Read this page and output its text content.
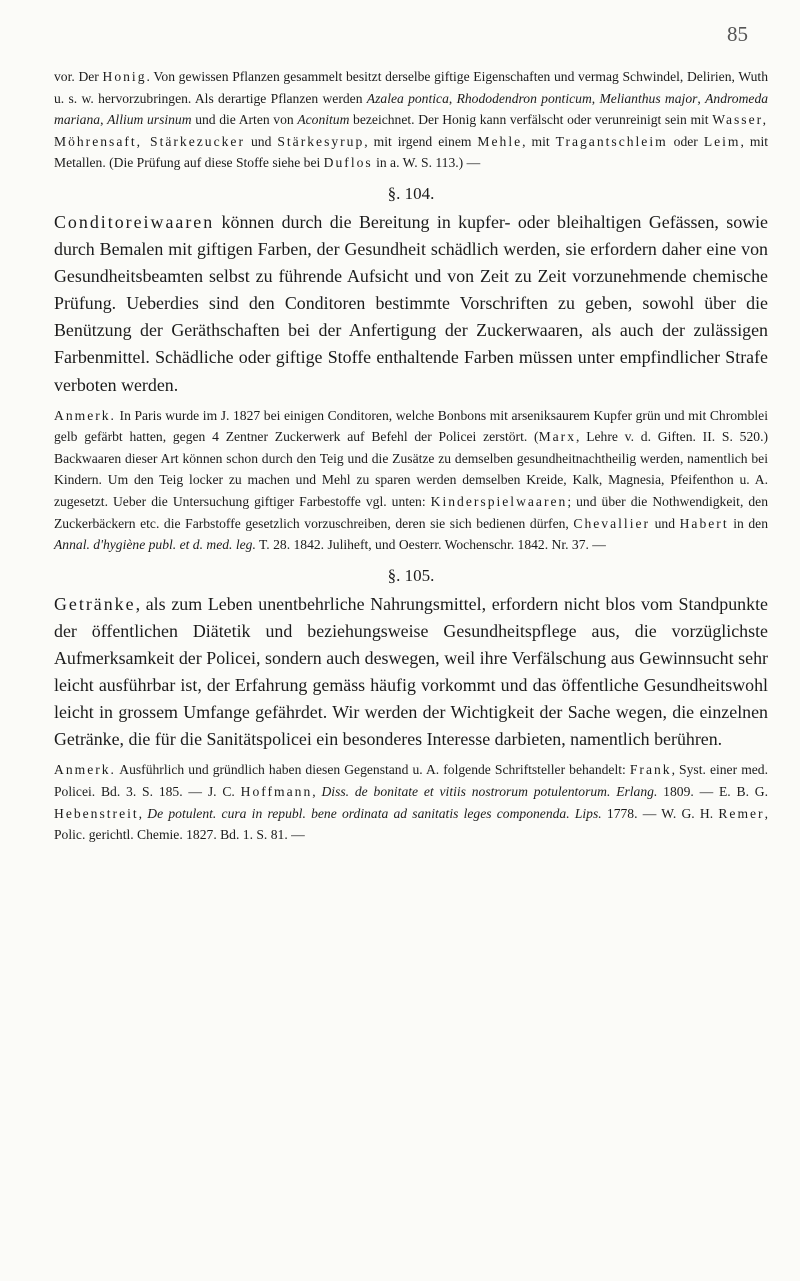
85

vor. Der Honig. Von gewissen Pflanzen gesammelt besitzt derselbe giftige Eigenschaften und vermag Schwindel, Delirien, Wuth u. s. w. hervorzubringen. Als derartige Pflanzen werden Azalea pontica, Rhododendron ponticum, Melianthus major, Andromeda mariana, Allium ursinum und die Arten von Aconitum bezeichnet. Der Honig kann verfälscht oder verunreinigt sein mit Wasser, Möhrensaft, Stärkezucker und Stärkesyrup, mit irgend einem Mehle, mit Tragantschleim oder Leim, mit Metallen. (Die Prüfung auf diese Stoffe siehe bei Duflos in a. W. S. 113.) —

§. 104.

Conditoreiwaaren können durch die Bereitung in kupfer- oder bleihaltigen Gefässen, sowie durch Bemalen mit giftigen Farben, der Gesundheit schädlich werden, sie erfordern daher eine von Gesundheitsbeamten selbst zu führende Aufsicht und von Zeit zu Zeit vorzunehmende chemische Prüfung. Ueberdies sind den Conditoren bestimmte Vorschriften zu geben, sowohl über die Benützung der Geräthschaften bei der Anfertigung der Zuckerwaaren, als auch der zulässigen Farbenmittel. Schädliche oder giftige Stoffe enthaltende Farben müssen unter empfindlicher Strafe verboten werden.

Anmerk. In Paris wurde im J. 1827 bei einigen Conditoren, welche Bonbons mit arseniksaurem Kupfer grün und mit Chromblei gelb gefärbt hatten, gegen 4 Zentner Zuckerwerk auf Befehl der Policei zerstört. (Marx, Lehre v. d. Giften. II. S. 520.) Backwaaren dieser Art können schon durch den Teig und die Zusätze zu demselben gesundheitnachtheilig werden, namentlich bei Kindern. Um den Teig locker zu machen und Mehl zu sparen werden demselben Kreide, Kalk, Magnesia, Pfeifenthon u. A. zugesetzt. Ueber die Untersuchung giftiger Farbestoffe vgl. unten: Kinderspielwaaren; und über die Nothwendigkeit, den Zuckerbäckern etc. die Farbstoffe gesetzlich vorzuschreiben, deren sie sich bedienen dürfen, Chevallier und Habert in den Annal. d'hygiène publ. et d. med. leg. T. 28. 1842. Juliheft, und Oesterr. Wochenschr. 1842. Nr. 37. —

§. 105.

Getränke, als zum Leben unentbehrliche Nahrungsmittel, erfordern nicht blos vom Standpunkte der öffentlichen Diätetik und beziehungsweise Gesundheitspflege aus, die vorzüglichste Aufmerksamkeit der Policei, sondern auch deswegen, weil ihre Verfälschung aus Gewinnsucht sehr leicht ausführbar ist, der Erfahrung gemäss häufig vorkommt und das öffentliche Gesundheitswohl leicht in grossem Umfange gefährdet. Wir werden der Wichtigkeit der Sache wegen, die einzelnen Getränke, die für die Sanitätspolicei ein besonderes Interesse darbieten, namentlich berühren.

Anmerk. Ausführlich und gründlich haben diesen Gegenstand u. A. folgende Schriftsteller behandelt: Frank, Syst. einer med. Policei. Bd. 3. S. 185. — J. C. Hoffmann, Diss. de bonitate et vitiis nostrorum potulentorum. Erlang. 1809. — E. B. G. Hebenstreit, De potulent. cura in republ. bene ordinata ad sanitatis leges componenda. Lips. 1778. — W. G. H. Remer, Polic. gerichtl. Chemie. 1827. Bd. 1. S. 81. —
